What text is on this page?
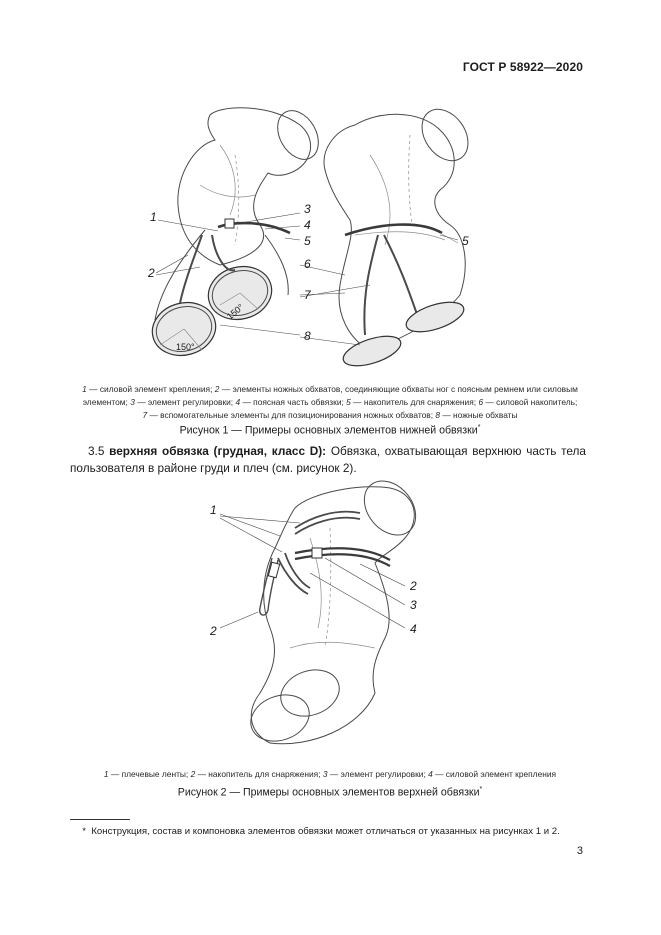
ГОСТ Р 58922—2020
150°
150°
1
2
3
4
5
6
7
8
5
1 — силовой элемент крепления; 2 — элементы ножных обхватов, соединяющие обхваты ног с поясным ремнем или силовым
элементом; 3 — элемент регулировки; 4 — поясная часть обвязки; 5 — накопитель для снаряжения; 6 — силовой накопитель;
7 — вспомогательные элементы для позиционирования ножных обхватов; 8 — ножные обхваты
Рисунок 1 — Примеры основных элементов нижней обвязки*
3.5 верхняя обвязка (грудная, класс D): Обвязка, охватывающая верхнюю часть тела пользователя в районе груди и плеч (см. рисунок 2).
1
2
2
3
4
1 — плечевые ленты; 2 — накопитель для снаряжения; 3 — элемент регулировки; 4 — силовой элемент крепления
Рисунок 2 — Примеры основных элементов верхней обвязки*
* Конструкция, состав и компоновка элементов обвязки может отличаться от указанных на рисунках 1 и 2.
3
